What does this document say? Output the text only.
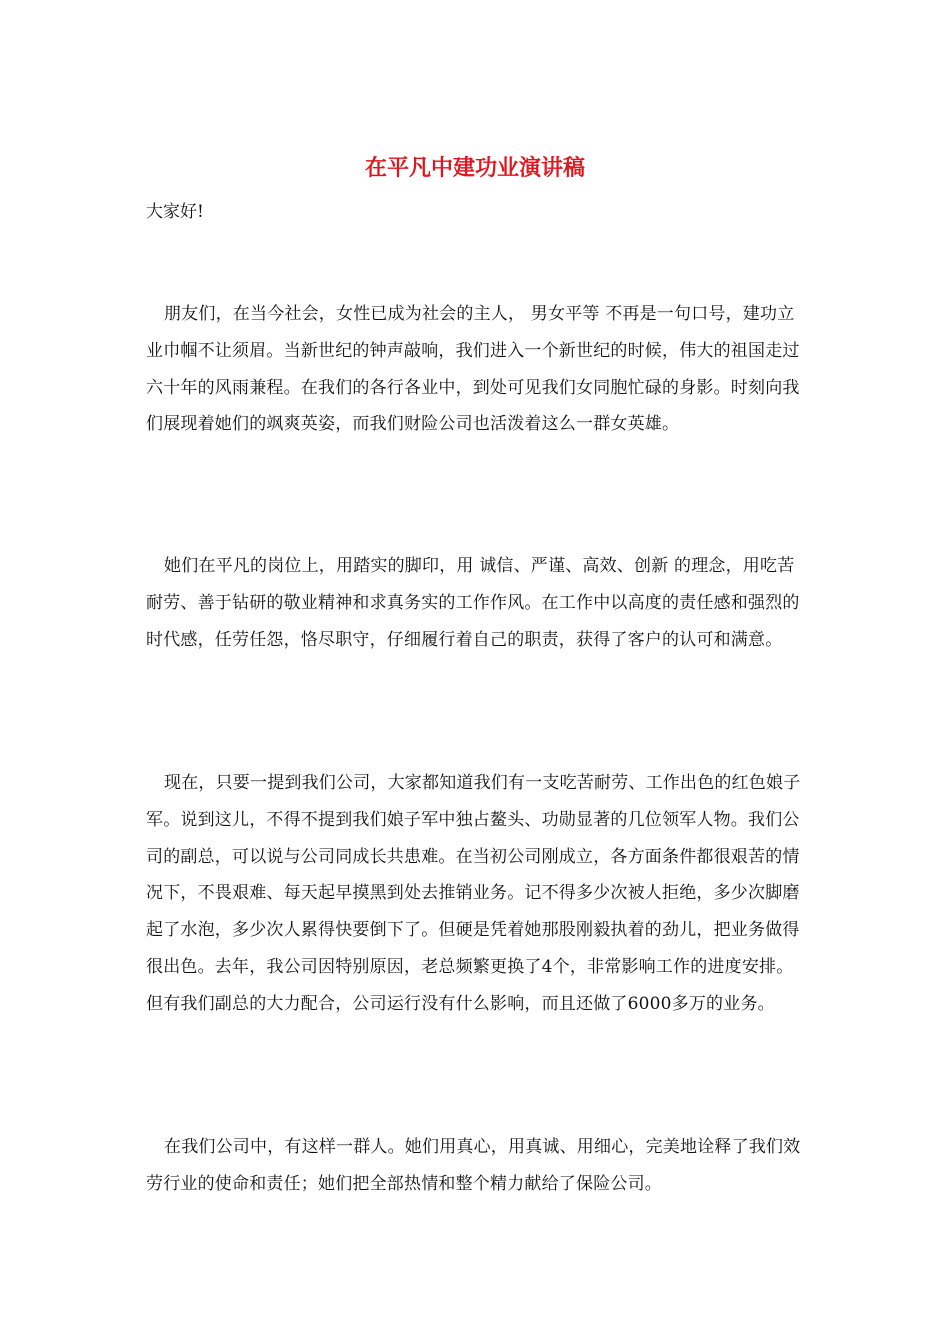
在平凡中建功业演讲稿

大家好!

朋友们，在当今社会，女性已成为社会的主人， 男女平等 不再是一句口号，建功立业巾帼不让须眉。当新世纪的钟声敲响，我们进入一个新世纪的时候，伟大的祖国走过六十年的风雨兼程。在我们的各行各业中，到处可见我们女同胞忙碌的身影。时刻向我们展现着她们的飒爽英姿，而我们财险公司也活泼着这么一群女英雄。

她们在平凡的岗位上，用踏实的脚印，用 诚信、严谨、高效、创新 的理念，用吃苦耐劳、善于钻研的敬业精神和求真务实的工作作风。在工作中以高度的责任感和强烈的时代感，任劳任怨，恪尽职守，仔细履行着自己的职责，获得了客户的认可和满意。

现在，只要一提到我们公司，大家都知道我们有一支吃苦耐劳、工作出色的红色娘子军。说到这儿，不得不提到我们娘子军中独占鳌头、功勋显著的几位领军人物。我们公司的副总，可以说与公司同成长共患难。在当初公司刚成立，各方面条件都很艰苦的情况下，不畏艰难、每天起早摸黑到处去推销业务。记不得多少次被人拒绝，多少次脚磨起了水泡，多少次人累得快要倒下了。但硬是凭着她那股刚毅执着的劲儿，把业务做得很出色。去年，我公司因特别原因，老总频繁更换了4个，非常影响工作的进度安排。但有我们副总的大力配合，公司运行没有什么影响，而且还做了6000多万的业务。

在我们公司中，有这样一群人。她们用真心，用真诚、用细心，完美地诠释了我们效劳行业的使命和责任；她们把全部热情和整个精力献给了保险公司。
